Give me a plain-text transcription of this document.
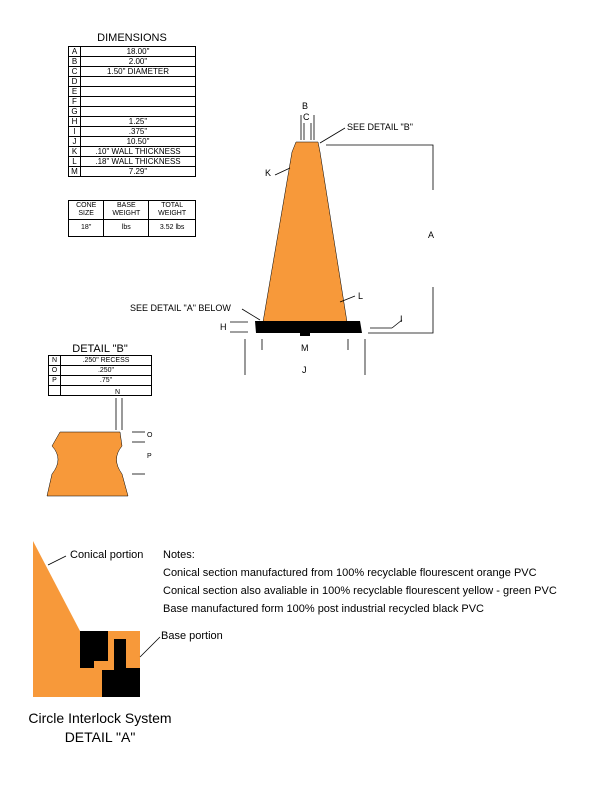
DIMENSIONS
A	18.00"
B	2.00"
C	1.50" DIAMETER
D	
E	
F	
G	
H	1.25"
I	.375"
J	10.50"
K	.10" WALL THICKNESS
L	.18" WALL THICKNESS
M	7.29"
CONE SIZE	BASE WEIGHT	TOTAL WEIGHT
18"	lbs	3.52 lbs
DETAIL "B"
N	.250" RECESS
O	.250"
P	.75"

B
C
SEE DETAIL "B"
K
A
SEE DETAIL "A" BELOW
L
H
I
M
J
N
O
P
Conical portion
Base portion
Circle Interlock System
DETAIL "A"
Notes:
Conical section manufactured from 100% recyclable flourescent orange PVC
Conical section also avaliable in 100% recyclable flourescent yellow - green PVC
Base manufactured form 100% post industrial recycled black PVC
